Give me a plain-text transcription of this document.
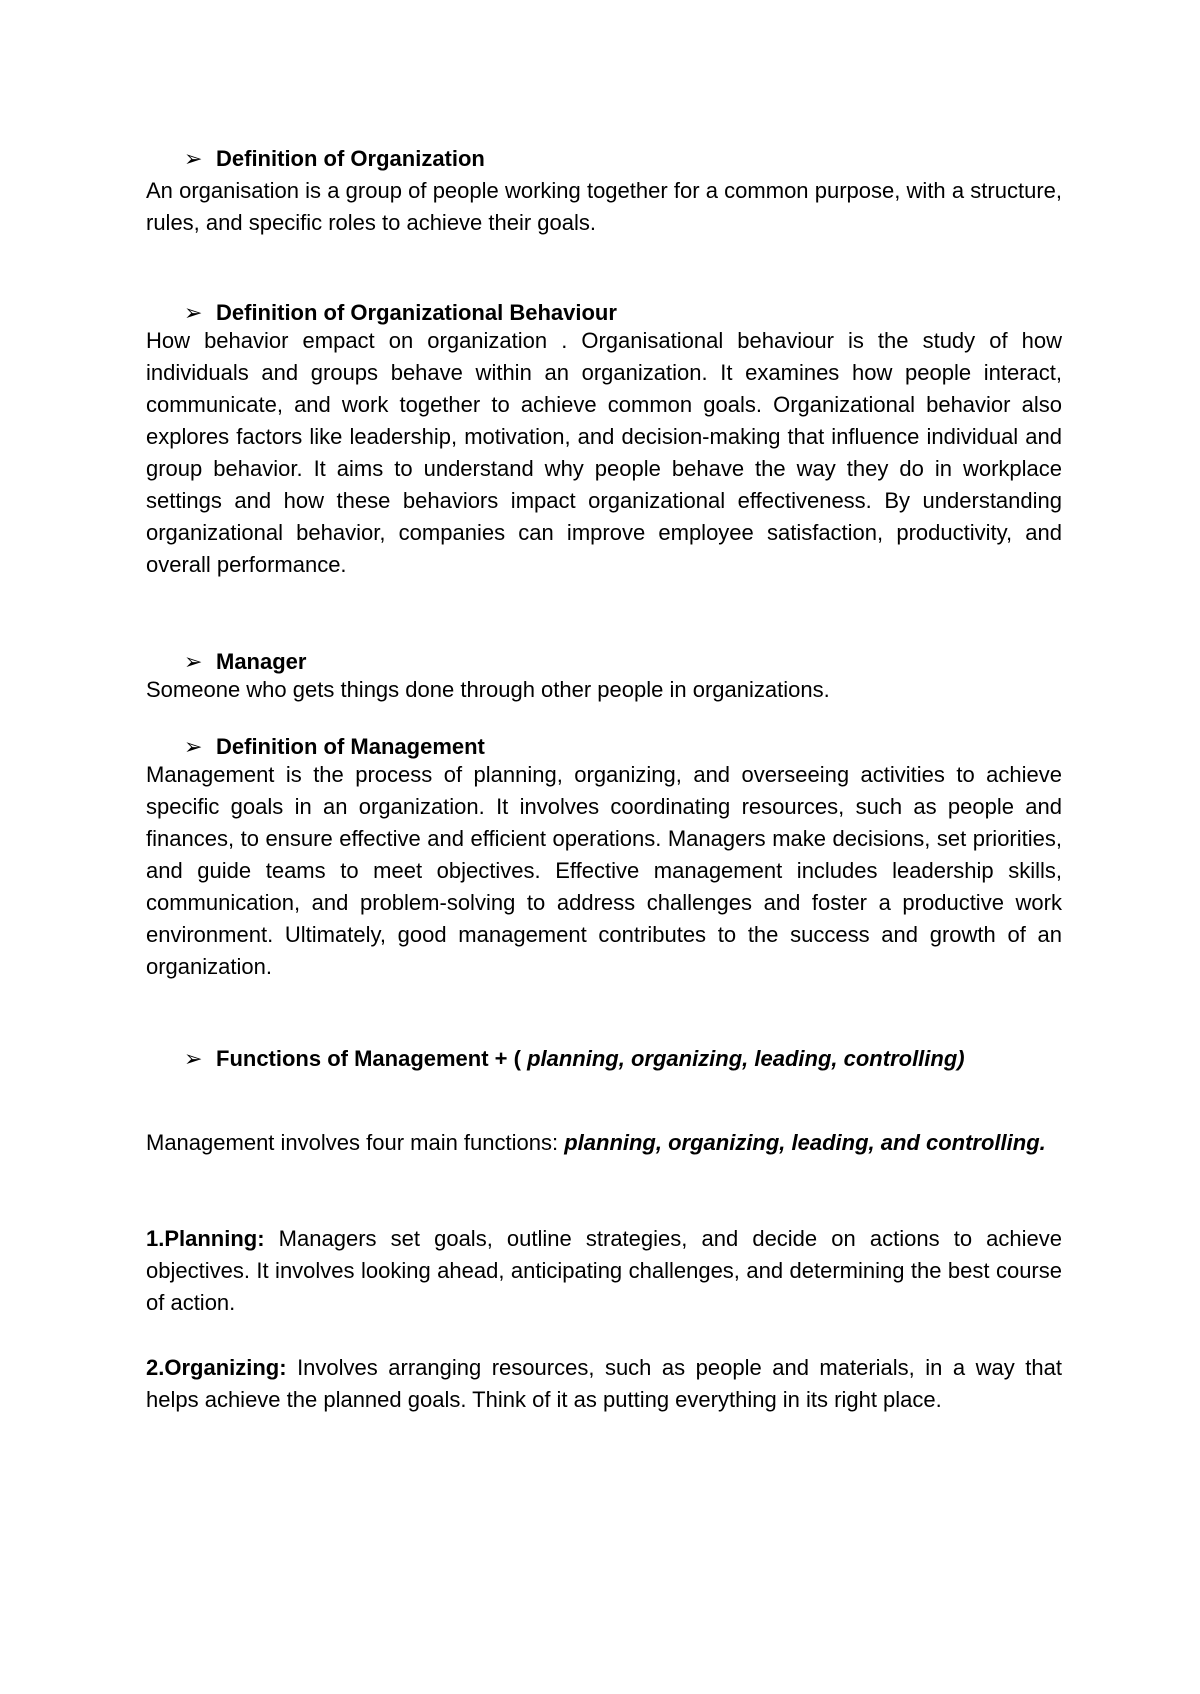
➢ Definition of Organization

An organisation is a group of people working together for a common purpose, with a structure, rules, and specific roles to achieve their goals.

➢ Definition of Organizational Behaviour

How behavior empact on organization . Organisational behaviour is the study of how individuals and groups behave within an organization. It examines how people interact, communicate, and work together to achieve common goals. Organizational behavior also explores factors like leadership, motivation, and decision-making that influence individual and group behavior. It aims to understand why people behave the way they do in workplace settings and how these behaviors impact organizational effectiveness. By understanding organizational behavior, companies can improve employee satisfaction, productivity, and overall performance.

➢ Manager

Someone who gets things done through other people in organizations.

➢ Definition of Management

Management is the process of planning, organizing, and overseeing activities to achieve specific goals in an organization. It involves coordinating resources, such as people and finances, to ensure effective and efficient operations. Managers make decisions, set priorities, and guide teams to meet objectives. Effective management includes leadership skills, communication, and problem-solving to address challenges and foster a productive work environment. Ultimately, good management contributes to the success and growth of an organization.

➢ Functions of Management + ( planning, organizing, leading, controlling)

Management involves four main functions: planning, organizing, leading, and controlling.

1.Planning: Managers set goals, outline strategies, and decide on actions to achieve objectives. It involves looking ahead, anticipating challenges, and determining the best course of action.

2.Organizing: Involves arranging resources, such as people and materials, in a way that helps achieve the planned goals. Think of it as putting everything in its right place.
